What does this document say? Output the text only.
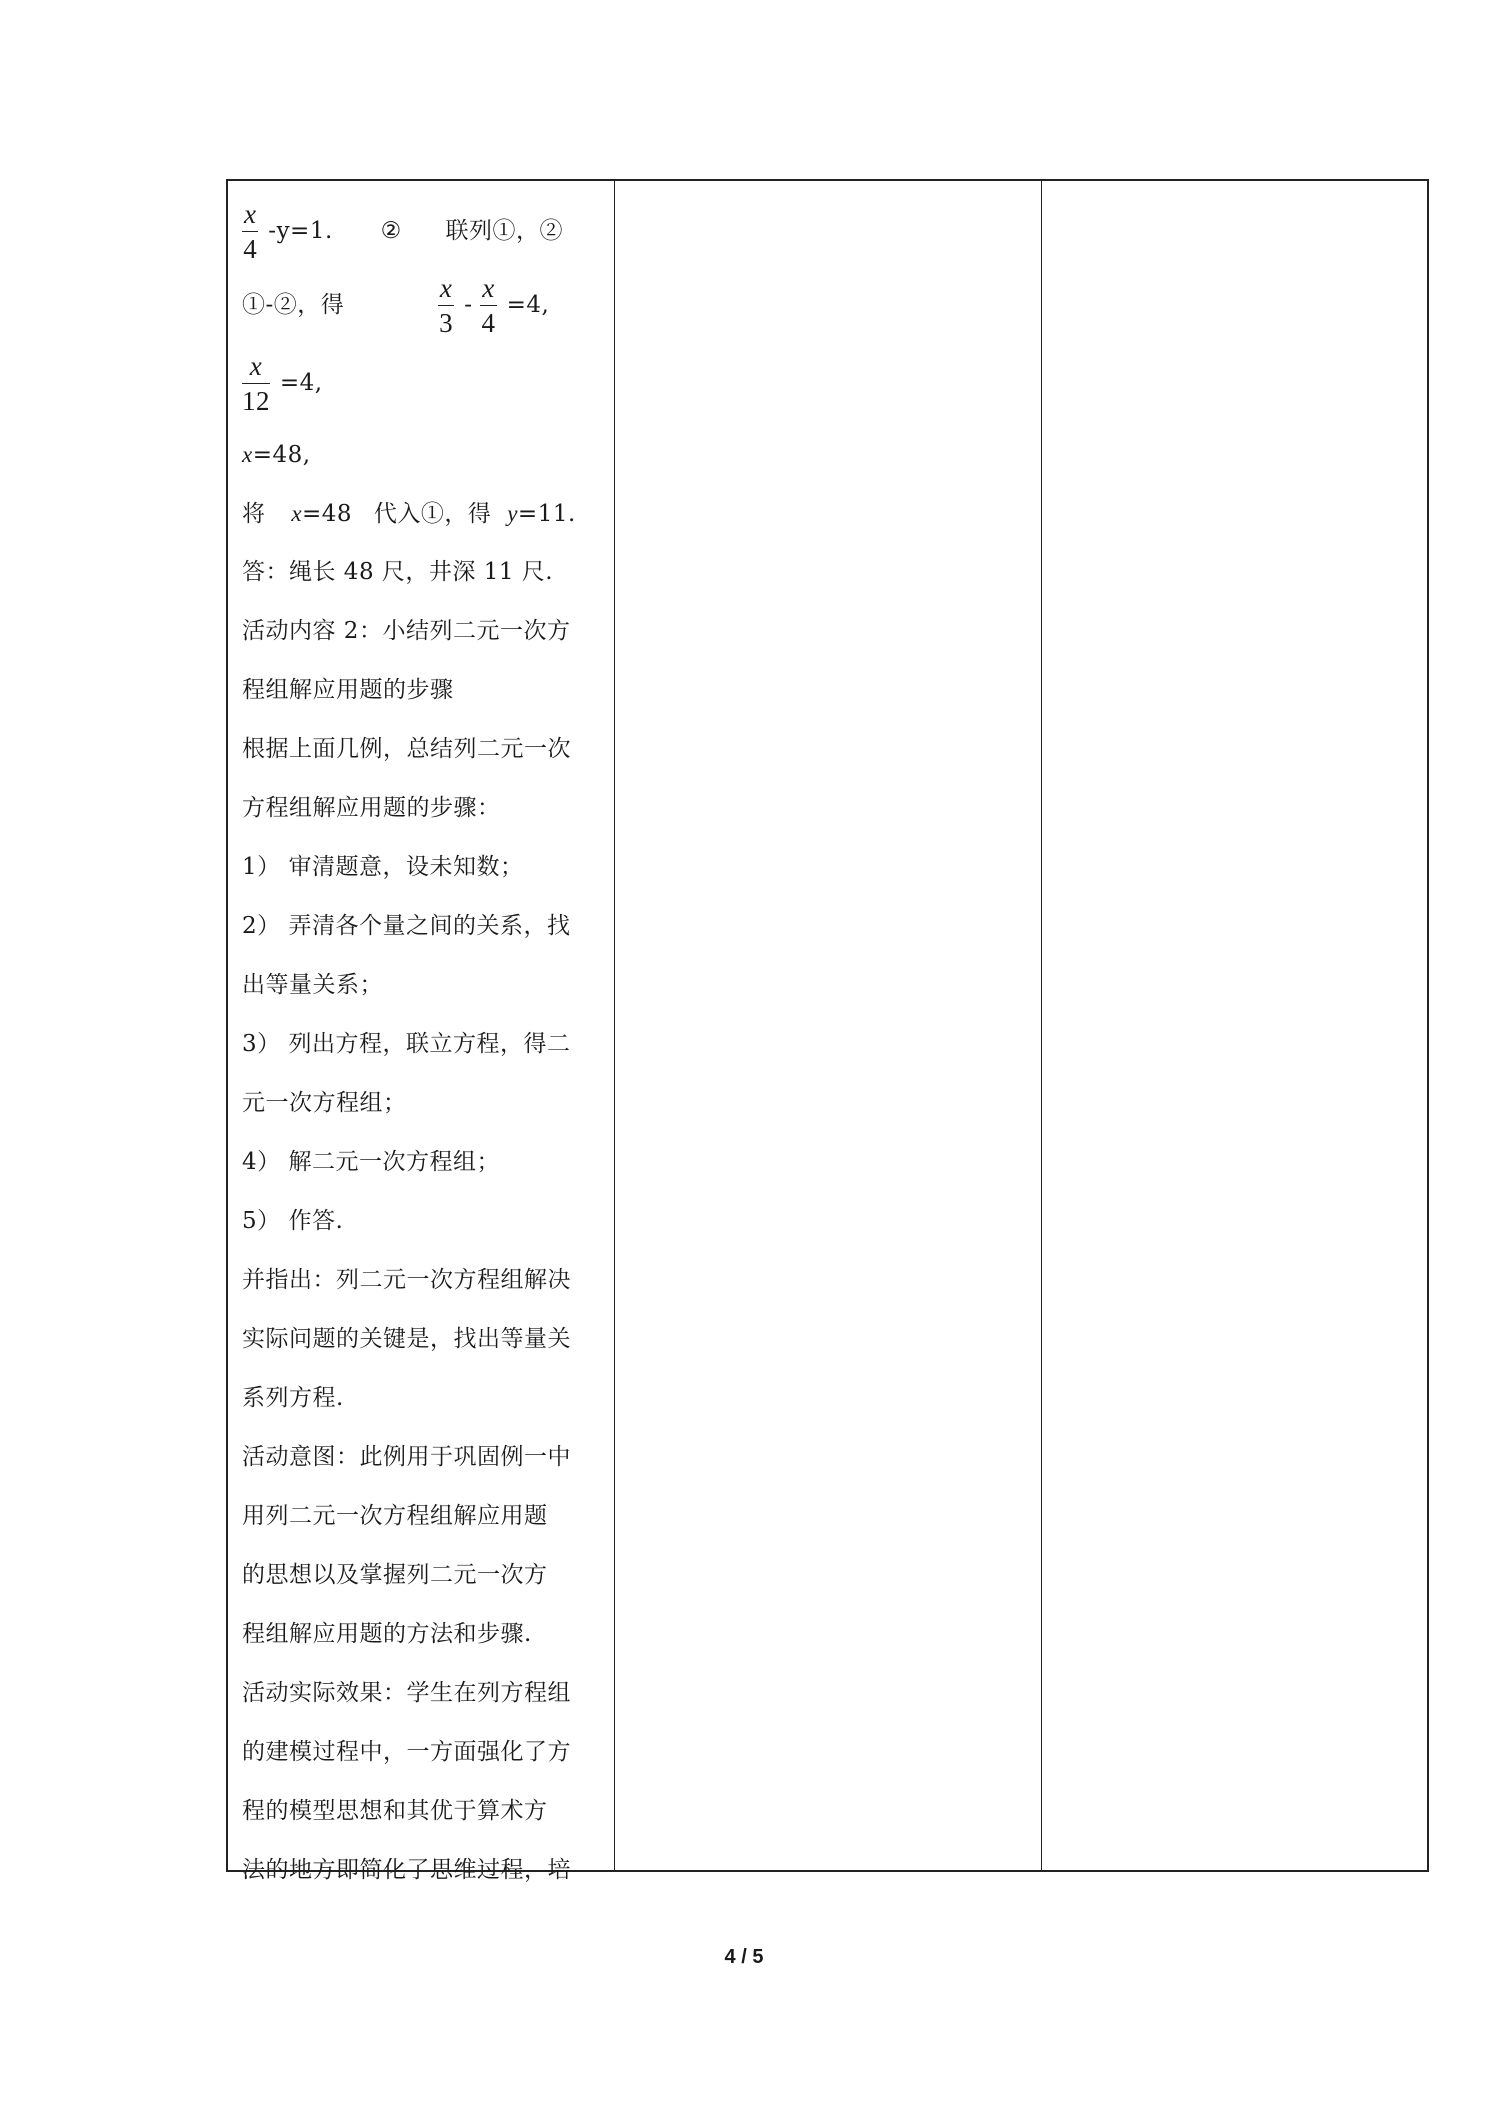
$\frac{x}{4} -y=1$. ② 联列①，②
①-②，得	$\frac{x}{3} - \frac{x}{4} =4$,
$\frac{x}{12} =4$,
x=48,
将 x=48 代入①，得 y=11.
答：绳长 48 尺，井深 11 尺.
活动内容 2：小结列二元一次方
程组解应用题的步骤
根据上面几例，总结列二元一次
方程组解应用题的步骤：
1） 审清题意，设未知数；
2） 弄清各个量之间的关系，找
出等量关系；
3） 列出方程，联立方程，得二
元一次方程组；
4） 解二元一次方程组；
5） 作答.
并指出：列二元一次方程组解决
实际问题的关键是，找出等量关
系列方程.
活动意图：此例用于巩固例一中
用列二元一次方程组解应用题
的思想以及掌握列二元一次方
程组解应用题的方法和步骤.
活动实际效果：学生在列方程组
的建模过程中，一方面强化了方
程的模型思想和其优于算术方
法的地方即简化了思维过程，培
4 / 5
